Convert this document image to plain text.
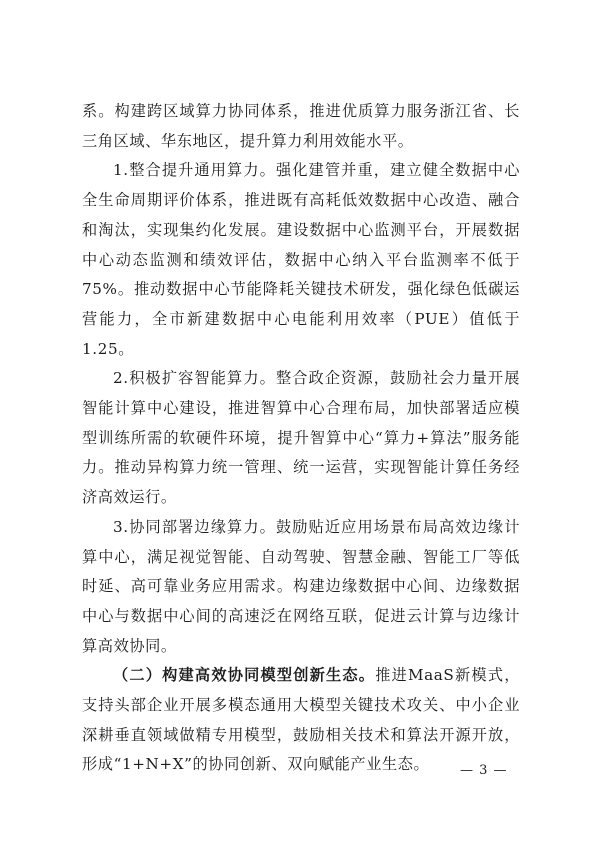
系。构建跨区域算力协同体系，推进优质算力服务浙江省、长三角区域、华东地区，提升算力利用效能水平。

1.整合提升通用算力。强化建管并重，建立健全数据中心全生命周期评价体系，推进既有高耗低效数据中心改造、融合和淘汰，实现集约化发展。建设数据中心监测平台，开展数据中心动态监测和绩效评估，数据中心纳入平台监测率不低于75%。推动数据中心节能降耗关键技术研发，强化绿色低碳运营能力，全市新建数据中心电能利用效率（PUE）值低于1.25。

2.积极扩容智能算力。整合政企资源，鼓励社会力量开展智能计算中心建设，推进智算中心合理布局，加快部署适应模型训练所需的软硬件环境，提升智算中心“算力+算法”服务能力。推动异构算力统一管理、统一运营，实现智能计算任务经济高效运行。

3.协同部署边缘算力。鼓励贴近应用场景布局高效边缘计算中心，满足视觉智能、自动驾驶、智慧金融、智能工厂等低时延、高可靠业务应用需求。构建边缘数据中心间、边缘数据中心与数据中心间的高速泛在网络互联，促进云计算与边缘计算高效协同。

（二）构建高效协同模型创新生态。推进MaaS新模式，支持头部企业开展多模态通用大模型关键技术攻关、中小企业深耕垂直领域做精专用模型，鼓励相关技术和算法开源开放，形成“1+N+X”的协同创新、双向赋能产业生态。	— 3 —
